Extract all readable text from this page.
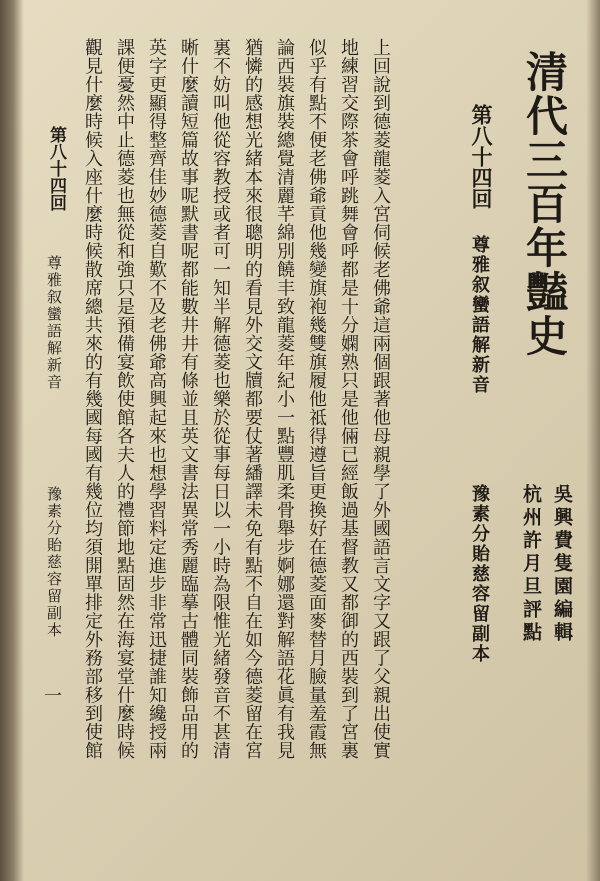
清代三百年豔史
吳興費隻園編輯
杭州許月旦評點
第八十四回
尊雅叙蠻語解新音
豫素分貽慈容留副本
上回說到德菱龍菱入宮伺候老佛爺這兩個跟著他母親學了外國語言文字又跟了父親出使實
地練習交際茶會呼跳舞會呼都是十分嫻熟只是他倆已經飯過基督教又都御的西裝到了宮裏
似乎有點不便老佛爺貢他幾變旗袍幾雙旗履他祗得遵旨更換好在德菱面麥替月臉量羞霞無
論西裝旗裝總覺清麗芊綿別饒丰致龍菱年紀小一點豐肌柔骨舉步婀娜還對解語花眞有我見
猶憐的感想光緒本來很聰明的看見外交文牘都要仗著繙譯未免有點不自在如今德菱留在宮
裏不妨叫他從容教授或者可一知半解德菱也樂於從事每日以一小時為限惟光緒發音不甚清
晰什麼讀短篇故事呢默書呢都能數井井有條並且英文書法異常秀麗臨摹古體同裝飾品用的
英字更顯得整齊佳妙德菱自歎不及老佛爺高興起來也想學習料定進步非常迅捷誰知纔授兩
課便憂然中止德菱也無從和強只是預備宴飲使館各夫人的禮節地點固然在海宴堂什麼時候
觀見什麼時候入座什麼時候散席總共來的有幾國每國有幾位均須開單排定外務部移到使館
第八十四回
尊雅叙蠻語解新音
豫素分貽慈容留副本
一
